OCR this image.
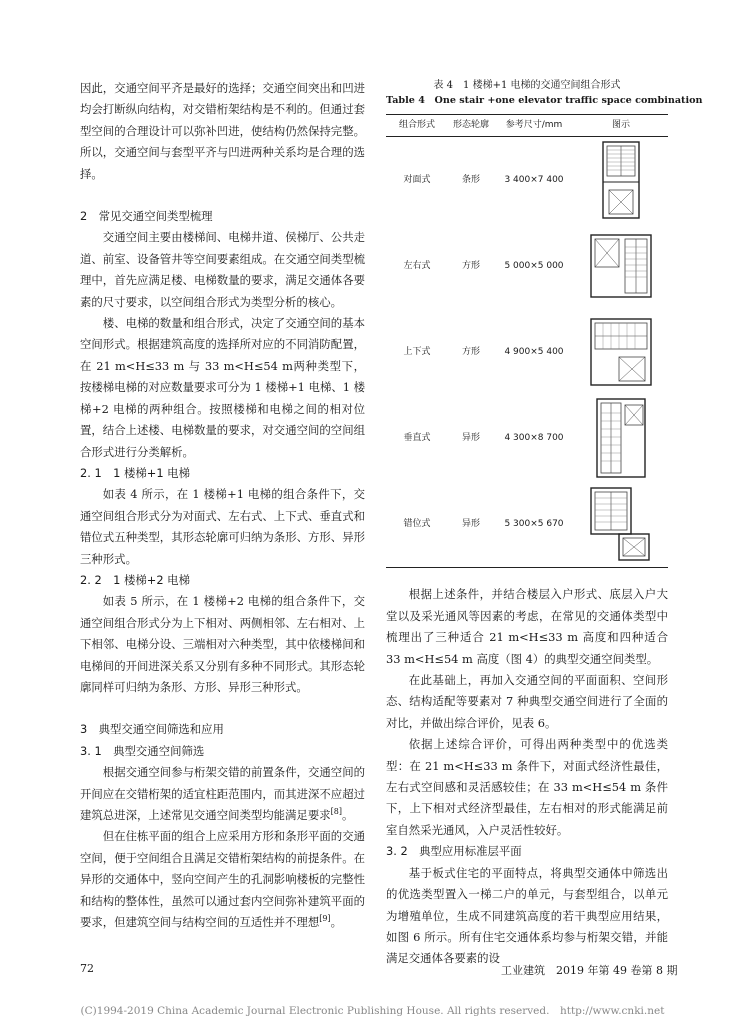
因此，交通空间平齐是最好的选择；交通空间突出和凹进均会打断纵向结构，对交错桁架结构是不利的。但通过套型空间的合理设计可以弥补凹进，使结构仍然保持完整。所以，交通空间与套型平齐与凹进两种关系均是合理的选择。

2　常见交通空间类型梳理

交通空间主要由楼梯间、电梯井道、侯梯厅、公共走道、前室、设备管井等空间要素组成。在交通空间类型梳理中，首先应满足楼、电梯数量的要求，满足交通体各要素的尺寸要求，以空间组合形式为类型分析的核心。

楼、电梯的数量和组合形式，决定了交通空间的基本空间形式。根据建筑高度的选择所对应的不同消防配置，在 21 m<H≤33 m 与 33 m<H≤54 m两种类型下，按楼梯电梯的对应数量要求可分为 1 楼梯+1 电梯、1 楼梯+2 电梯的两种组合。按照楼梯和电梯之间的相对位置，结合上述楼、电梯数量的要求，对交通空间的空间组合形式进行分类解析。

2. 1　1 楼梯+1 电梯

如表 4 所示，在 1 楼梯+1 电梯的组合条件下，交通空间组合形式分为对面式、左右式、上下式、垂直式和错位式五种类型，其形态轮廓可归纳为条形、方形、异形三种形式。

2. 2　1 楼梯+2 电梯

如表 5 所示，在 1 楼梯+2 电梯的组合条件下，交通空间组合形式分为上下相对、两侧相邻、左右相对、上下相邻、电梯分设、三端相对六种类型，其中依楼梯间和电梯间的开间进深关系又分别有多种不同形式。其形态轮廓同样可归纳为条形、方形、异形三种形式。

3　典型交通空间筛选和应用

3. 1　典型交通空间筛选

根据交通空间参与桁架交错的前置条件，交通空间的开间应在交错桁架的适宜柱距范围内，而其进深不应超过建筑总进深，上述常见交通空间类型均能满足要求[8]。

但在住栋平面的组合上应采用方形和条形平面的交通空间，便于空间组合且满足交错桁架结构的前提条件。在异形的交通体中，竖向空间产生的孔洞影响楼板的完整性和结构的整体性，虽然可以通过套内空间弥补建筑平面的要求，但建筑空间与结构空间的互适性并不理想[9]。

表 4　1 楼梯+1 电梯的交通空间组合形式
Table 4　One stair +one elevator traffic space combination
组合形式	形态轮廓	参考尺寸/mm	图示
对面式	条形	3 400×7 400	

左右式	方形	5 000×5 000	

上下式	方形	4 900×5 400	

垂直式	异形	4 300×8 700	

错位式	异形	5 300×5 670	

根据上述条件，并结合楼层入户形式、底层入户大堂以及采光通风等因素的考虑，在常见的交通体类型中梳理出了三种适合 21 m<H≤33 m 高度和四种适合 33 m<H≤54 m 高度（图 4）的典型交通空间类型。

在此基础上，再加入交通空间的平面面积、空间形态、结构适配等要素对 7 种典型交通空间进行了全面的对比，并做出综合评价，见表 6。

依据上述综合评价，可得出两种类型中的优选类型：在 21 m<H≤33 m 条件下，对面式经济性最佳，左右式空间感和灵活感较佳；在 33 m<H≤54 m 条件下，上下相对式经济型最佳，左右相对的形式能满足前室自然采光通风，入户灵活性较好。

3. 2　典型应用标准层平面

基于板式住宅的平面特点，将典型交通体中筛选出的优选类型置入一梯二户的单元，与套型组合，以单元为增殖单位，生成不同建筑高度的若干典型应用结果，如图 6 所示。所有住宅交通体系均参与桁架交错，并能满足交通体各要素的设

72	工业建筑　2019 年第 49 卷第 8 期
(C)1994-2019 China Academic Journal Electronic Publishing House. All rights reserved.　http://www.cnki.net
